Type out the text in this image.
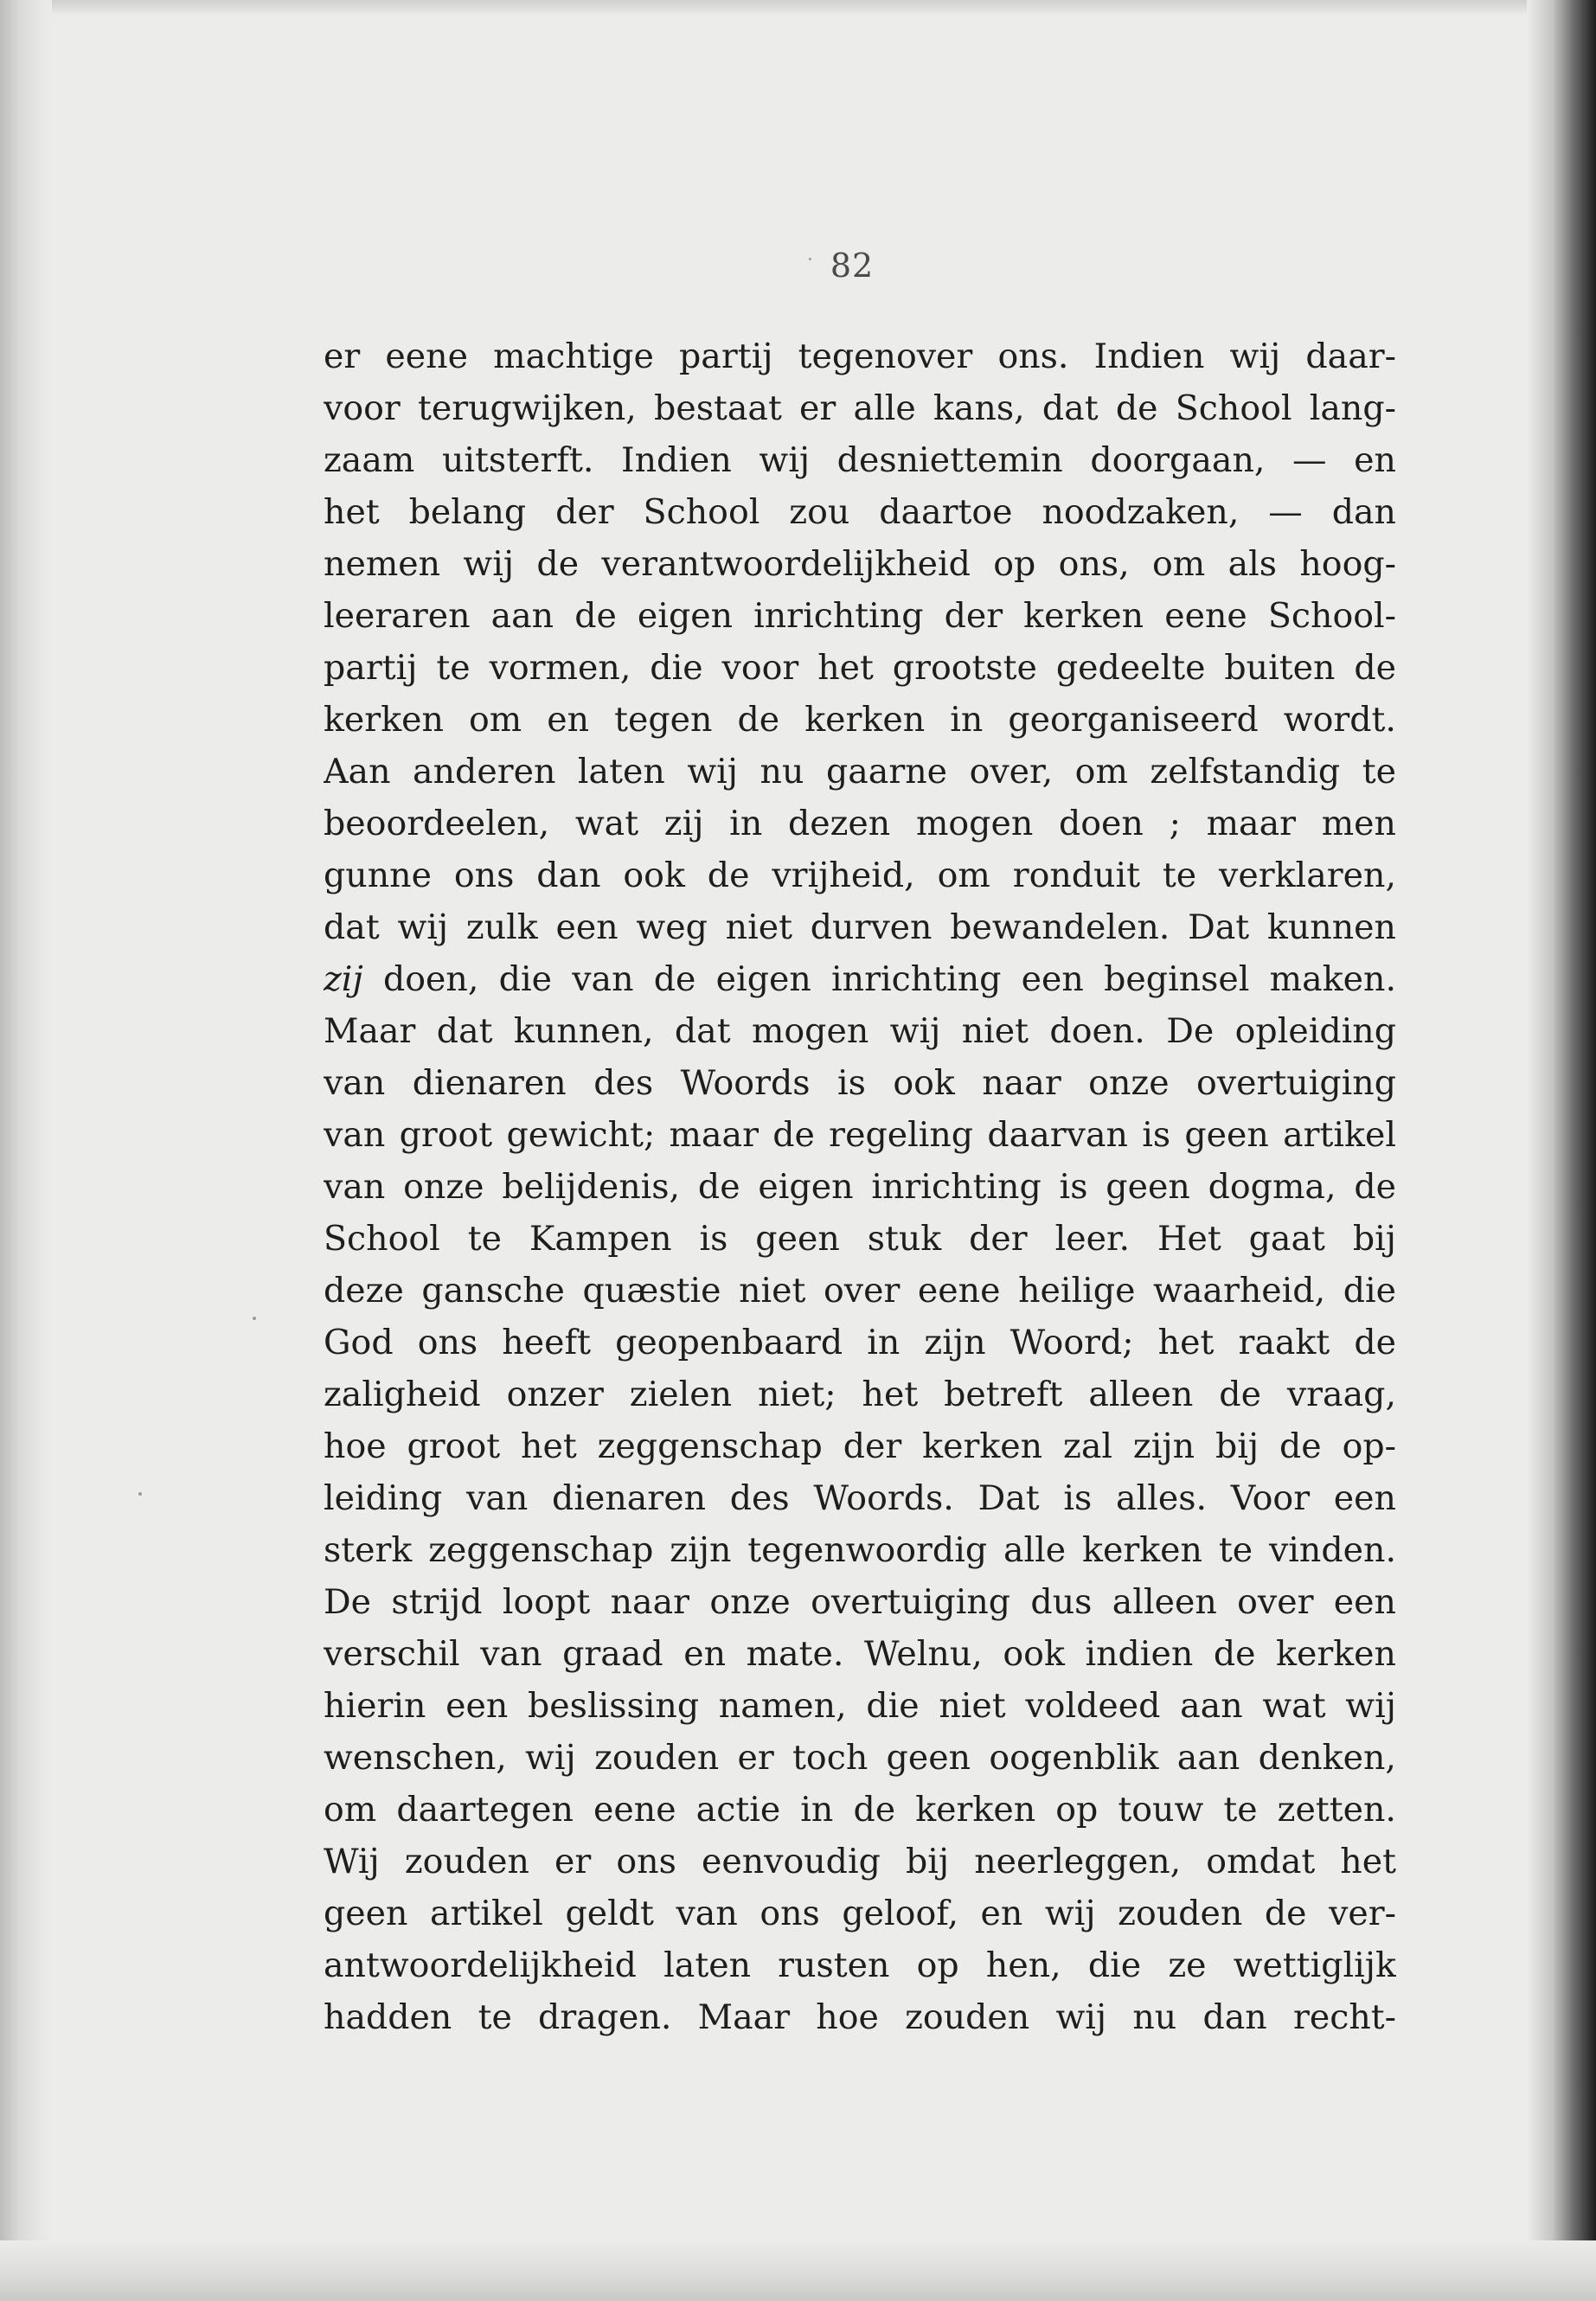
82
er eene machtige partij tegenover ons. Indien wij daar-
voor terugwijken, bestaat er alle kans, dat de School lang-
zaam uitsterft. Indien wij desniettemin doorgaan, — en
het belang der School zou daartoe noodzaken, — dan
nemen wij de verantwoordelijkheid op ons, om als hoog-
leeraren aan de eigen inrichting der kerken eene School-
partij te vormen, die voor het grootste gedeelte buiten de
kerken om en tegen de kerken in georganiseerd wordt.
Aan anderen laten wij nu gaarne over, om zelfstandig te
beoordeelen, wat zij in dezen mogen doen ; maar men
gunne ons dan ook de vrijheid, om ronduit te verklaren,
dat wij zulk een weg niet durven bewandelen. Dat kunnen
zij doen, die van de eigen inrichting een beginsel maken.
Maar dat kunnen, dat mogen wij niet doen. De opleiding
van dienaren des Woords is ook naar onze overtuiging
van groot gewicht; maar de regeling daarvan is geen artikel
van onze belijdenis, de eigen inrichting is geen dogma, de
School te Kampen is geen stuk der leer. Het gaat bij
deze gansche quæstie niet over eene heilige waarheid, die
God ons heeft geopenbaard in zijn Woord; het raakt de
zaligheid onzer zielen niet; het betreft alleen de vraag,
hoe groot het zeggenschap der kerken zal zijn bij de op-
leiding van dienaren des Woords. Dat is alles. Voor een
sterk zeggenschap zijn tegenwoordig alle kerken te vinden.
De strijd loopt naar onze overtuiging dus alleen over een
verschil van graad en mate. Welnu, ook indien de kerken
hierin een beslissing namen, die niet voldeed aan wat wij
wenschen, wij zouden er toch geen oogenblik aan denken,
om daartegen eene actie in de kerken op touw te zetten.
Wij zouden er ons eenvoudig bij neerleggen, omdat het
geen artikel geldt van ons geloof, en wij zouden de ver-
antwoordelijkheid laten rusten op hen, die ze wettiglijk
hadden te dragen. Maar hoe zouden wij nu dan recht-
